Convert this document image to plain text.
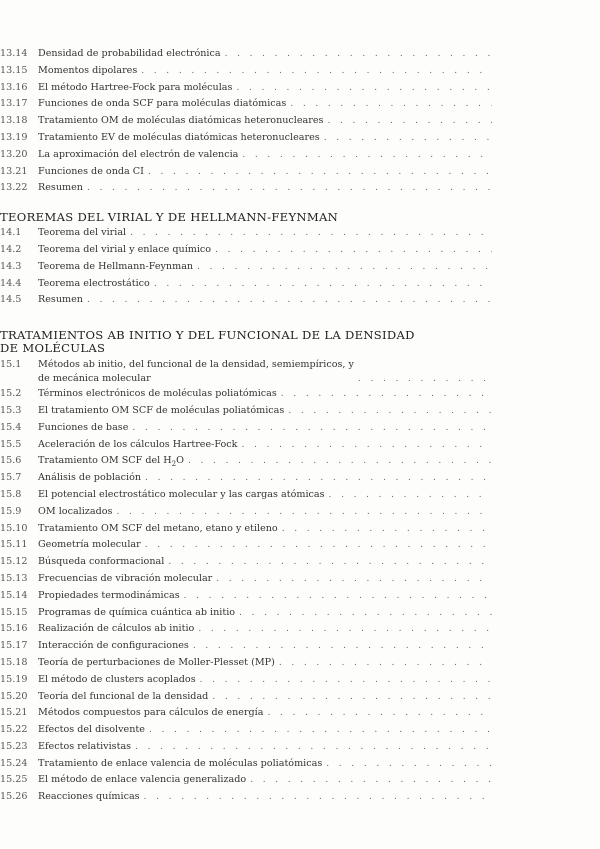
13.14	Densidad de probabilidad electrónica
. . .
13.15	Momentos dipolares
. . .
13.16	El método Hartree-Fock para moléculas
. . .
13.17	Funciones de onda SCF para moléculas diatómicas
. . .
13.18	Tratamiento OM de moléculas diatómicas heteronucleares
. . .
13.19	Tratamiento EV de moléculas diatómicas heteronucleares
. . .
13.20	La aproximación del electrón de valencia
. . .
13.21	Funciones de onda CI
. . .
13.22	Resumen
. . .
TEOREMAS DEL VIRIAL Y DE HELLMANN-FEYNMAN
14.1	Teorema del virial
. . .
14.2	Teorema del virial y enlace químico
. . .
14.3	Teorema de Hellmann-Feynman
. . .
14.4	Teorema electrostático
. . .
14.5	Resumen
. . .
TRATAMIENTOS AB INITIO Y DEL FUNCIONAL DE LA DENSIDAD
DE MOLÉCULAS
15.1	Métodos ab initio, del funcional de la densidad, semiempíricos, y
de mecánica molecular
. . .
15.2	Términos electrónicos de moléculas poliatómicas
. . .
15.3	El tratamiento OM SCF de moléculas poliatómicas
. . .
15.4	Funciones de base
. . .
15.5	Aceleración de los cálculos Hartree-Fock
. . .
15.6	Tratamiento OM SCF del $H_2O$
. . .
15.7	Análisis de población
. . .
15.8	El potencial electrostático molecular y las cargas atómicas
. . .
15.9	OM localizados
. . .
15.10	Tratamiento OM SCF del metano, etano y etileno
. . .
15.11	Geometría molecular
. . .
15.12	Búsqueda conformacional
. . .
15.13	Frecuencias de vibración molecular
. . .
15.14	Propiedades termodinámicas
. . .
15.15	Programas de química cuántica ab initio
. . .
15.16	Realización de cálculos ab initio
. . .
15.17	Interacción de configuraciones
. . .
15.18	Teoría de perturbaciones de Moller-Plesset (MP)
. . .
15.19	El método de clusters acoplados
. . .
15.20	Teoría del funcional de la densidad
. . .
15.21	Métodos compuestos para cálculos de energía
. . .
15.22	Efectos del disolvente
. . .
15.23	Efectos relativistas
. . .
15.24	Tratamiento de enlace valencia de moléculas poliatómicas
. . .
15.25	El método de enlace valencia generalizado
. . .
15.26	Reacciones químicas
. . .
